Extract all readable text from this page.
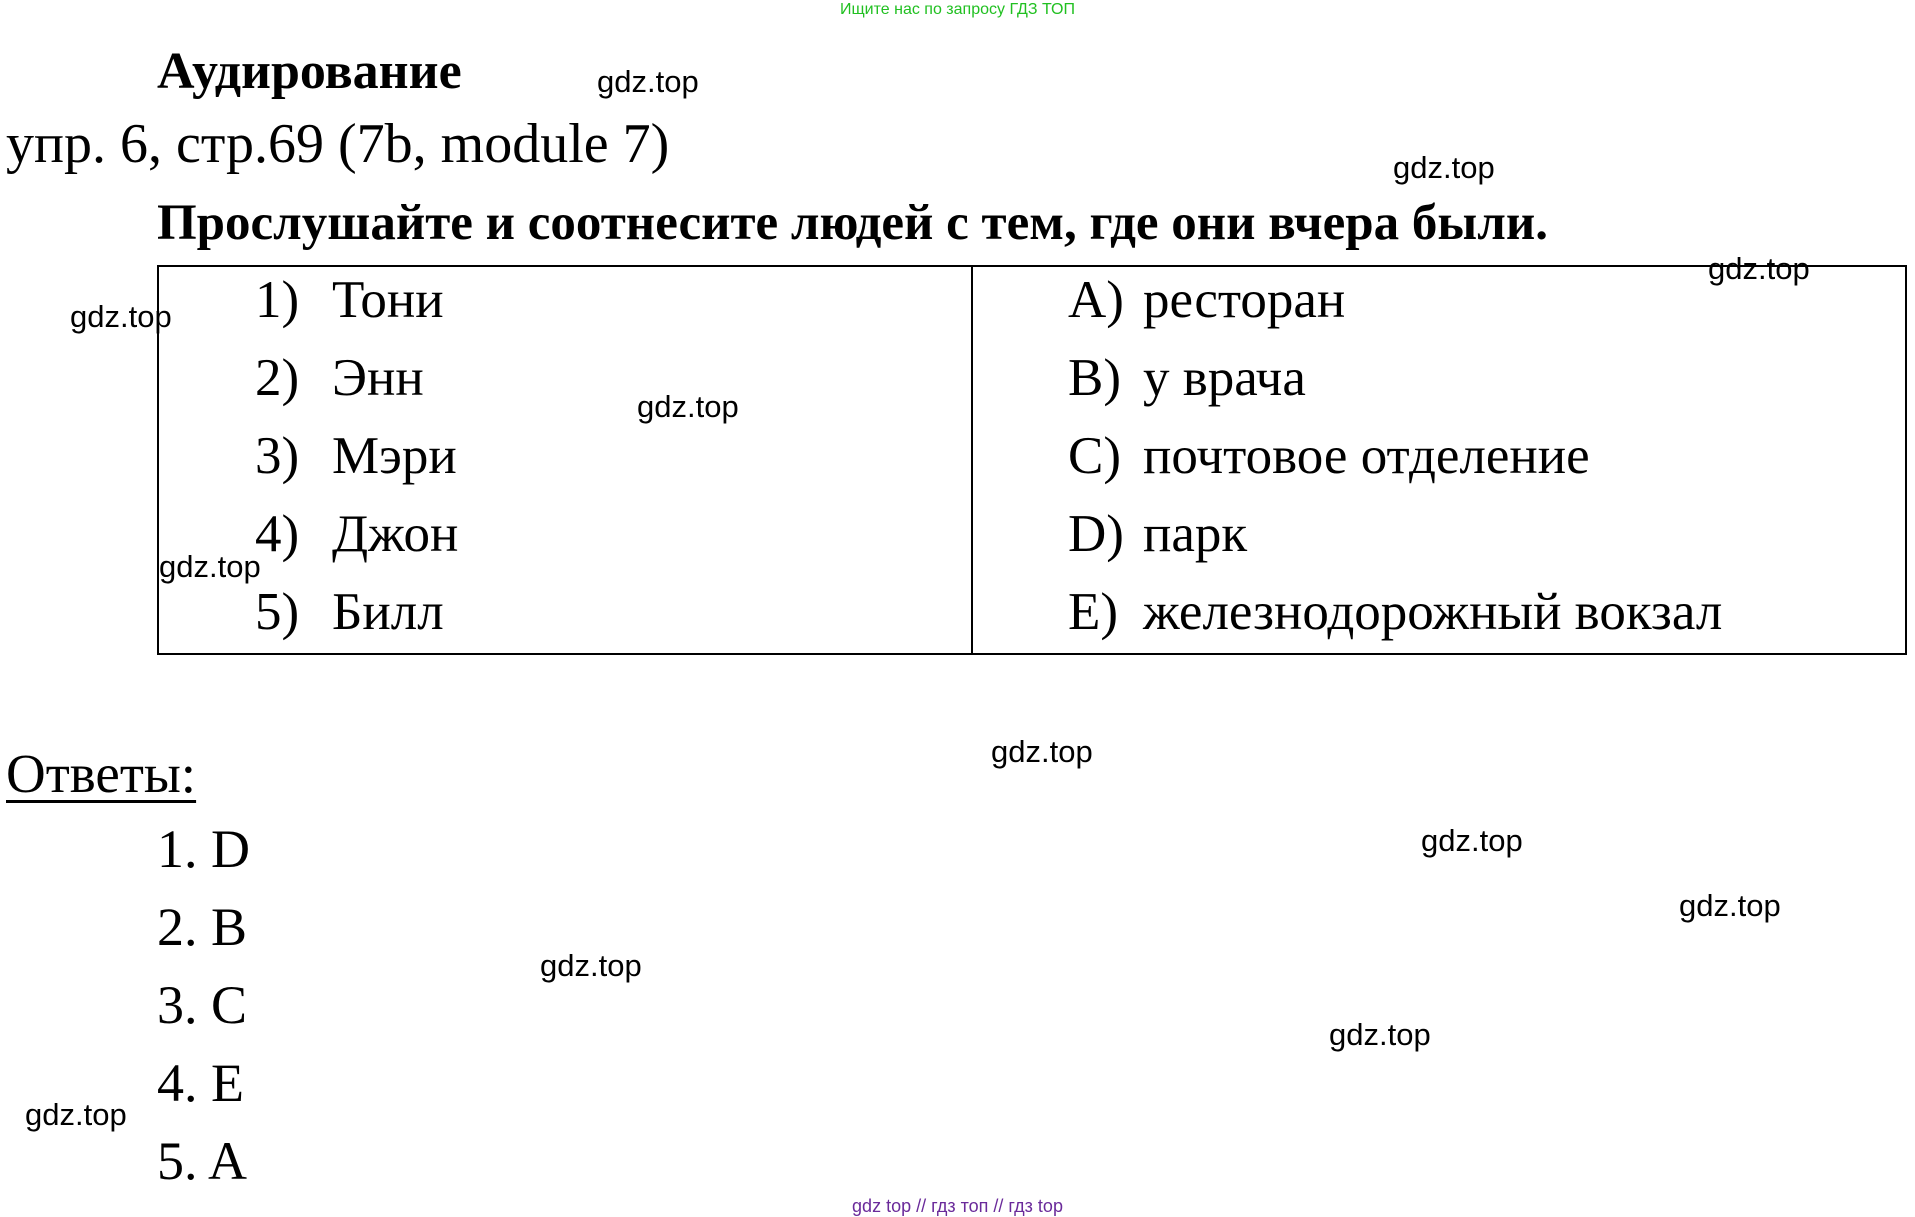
Ищите нас по запросу ГДЗ ТОП
Аудирование
упр. 6, стр.69 (7b, module 7)
Прослушайте и соотнесите людей с тем, где они вчера были.
1) Тони
2) Энн
3) Мэри
4) Джон
5) Билл
A) ресторан
B) у врача
C) почтовое отделение
D) парк
E) железнодорожный вокзал
Ответы:
1. D
2. B
3. C
4. E
5. A
gdz.top
gdz.top
gdz.top
gdz.top
gdz.top
gdz.top
gdz.top
gdz.top
gdz.top
gdz.top
gdz.top
gdz.top
gdz top // гдз топ // гдз top
